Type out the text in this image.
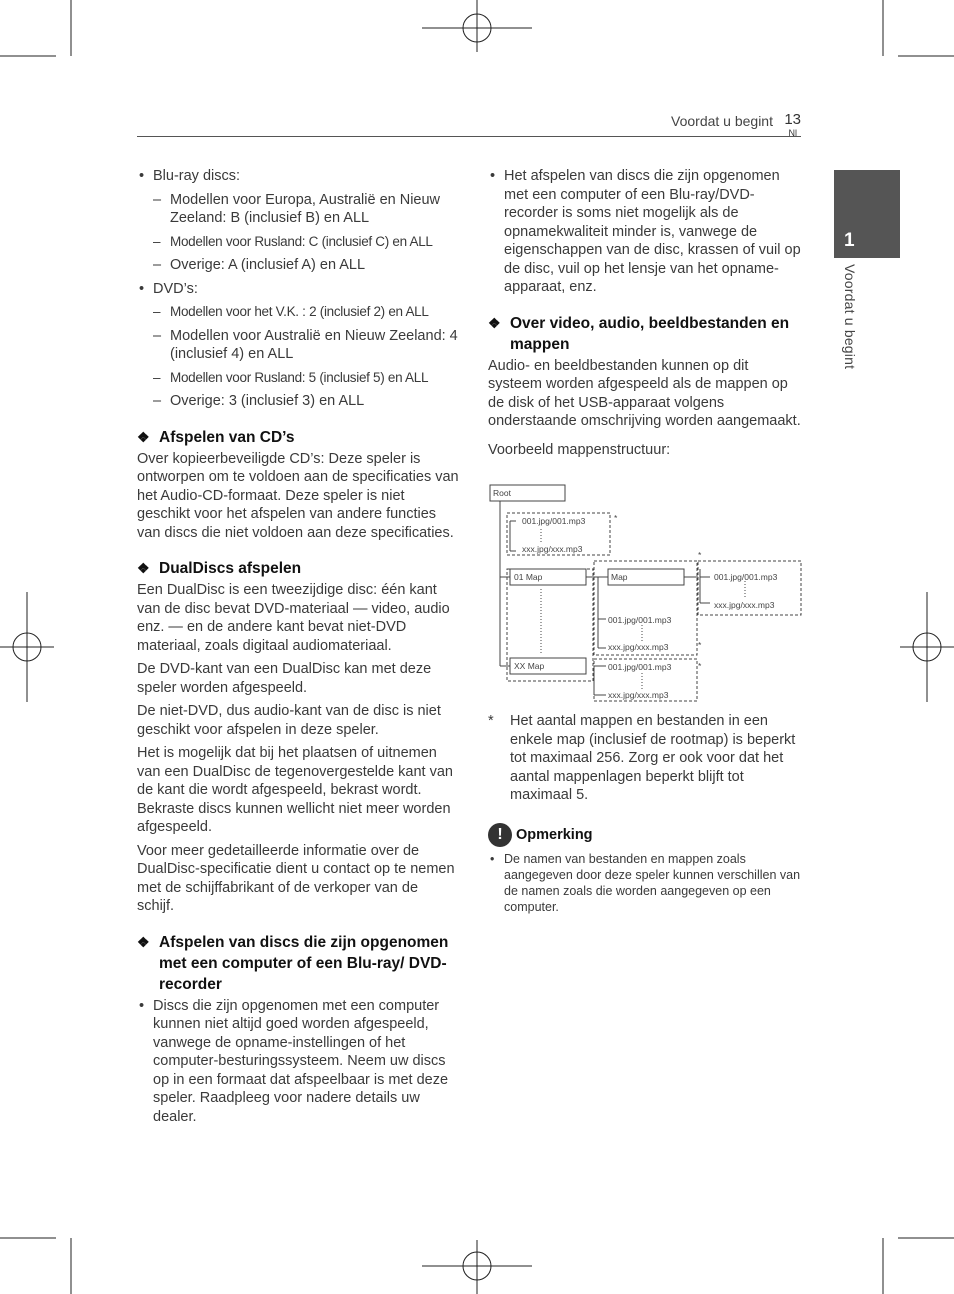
Voordat u begint 13
Nl
1
Voordat u begint
• Blu-ray discs:
– Modellen voor Europa, Australië en Nieuw Zeeland: B (inclusief B) en ALL
– Modellen voor Rusland: C (inclusief C) en ALL
– Overige: A (inclusief A) en ALL
• DVD’s:
– Modellen voor het V.K. : 2 (inclusief 2) en ALL
– Modellen voor Australië en Nieuw Zeeland: 4 (inclusief 4) en ALL
– Modellen voor Rusland: 5 (inclusief 5) en ALL
– Overige: 3 (inclusief 3) en ALL
❖ Afspelen van CD’s

Over kopieerbeveiligde CD’s: Deze speler is ontworpen om te voldoen aan de specificaties van het Audio-CD-formaat. Deze speler is niet geschikt voor het afspelen van andere functies van discs die niet voldoen aan deze specificaties.

❖ DualDiscs afspelen

Een DualDisc is een tweezijdige disc: één kant van de disc bevat DVD-materiaal — video, audio enz. — en de andere kant bevat niet-DVD materiaal, zoals digitaal audiomateriaal.

De DVD-kant van een DualDisc kan met deze speler worden afgespeeld.

De niet-DVD, dus audio-kant van de disc is niet geschikt voor afspelen in deze speler.

Het is mogelijk dat bij het plaatsen of uitnemen van een DualDisc de tegenovergestelde kant van de kant die wordt afgespeeld, bekrast wordt. Bekraste discs kunnen wellicht niet meer worden afgespeeld.

Voor meer gedetailleerde informatie over de DualDisc-specificatie dient u contact op te nemen met de schijffabrikant of de verkoper van de schijf.

❖ Afspelen van discs die zijn opgenomen met een computer of een Blu-ray/ DVD-recorder
• Discs die zijn opgenomen met een computer kunnen niet altijd goed worden afgespeeld, vanwege de opname-instellingen of het computer-besturingssysteem. Neem uw discs op in een formaat dat afspeelbaar is met deze speler. Raadpleeg voor nadere details uw dealer.
• Het afspelen van discs die zijn opgenomen met een computer of een Blu-ray/DVD-recorder is soms niet mogelijk als de opnamekwaliteit minder is, vanwege de eigenschappen van de disc, krassen of vuil op de disc, vuil op het lensje van het opname-apparaat, enz.
❖ Over video, audio, beeldbestanden en mappen

Audio- en beeldbestanden kunnen op dit systeem worden afgespeeld als de mappen op de disk of het USB-apparaat volgens onderstaande omschrijving worden aangemaakt.

Voorbeeld mappenstructuur:

* Het aantal mappen en bestanden in een enkele map (inclusief de rootmap) is beperkt tot maximaal 256. Zorg er ook voor dat het aantal mappenlagen beperkt blijft tot maximaal 5.
! Opmerking
• De namen van bestanden en mappen zoals aangegeven door deze speler kunnen verschillen van de namen zoals die worden aangegeven op een computer.
Root
01 Map
XX Map
Map
001.jpg/001.mp3
xxx.jpg/xxx.mp3
001.jpg/001.mp3
xxx.jpg/xxx.mp3
001.jpg/001.mp3
xxx.jpg/xxx.mp3
001.jpg/001.mp3
xxx.jpg/xxx.mp3
*
*
*
*
